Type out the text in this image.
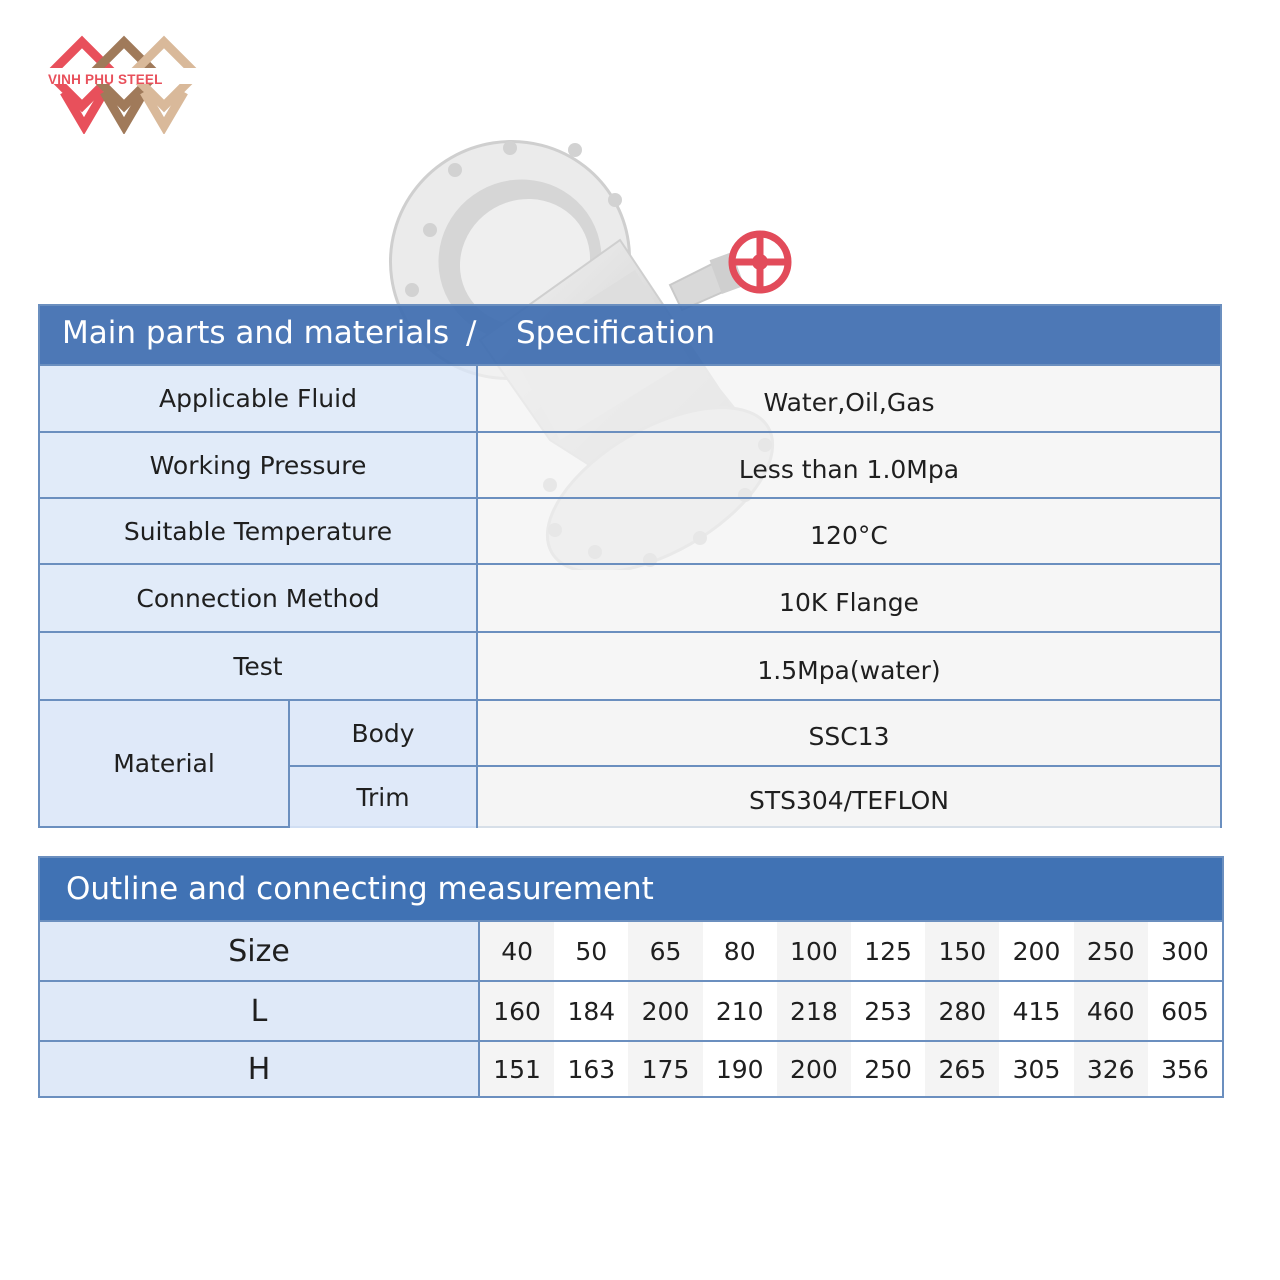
VINH PHU STEEL
Main parts and materials / Specification
Applicable Fluid	Water,Oil,Gas
Working Pressure	Less than 1.0Mpa
Suitable Temperature	120°C
Connection Method	10K Flange
Test	1.5Mpa(water)
Material
Body	SSC13
Trim	STS304/TEFLON
Outline and connecting measurement
Size	40	50	65	80	100	125	150	200	250	300
L	160	184	200	210	218	253	280	415	460	605
H	151	163	175	190	200	250	265	305	326	356
